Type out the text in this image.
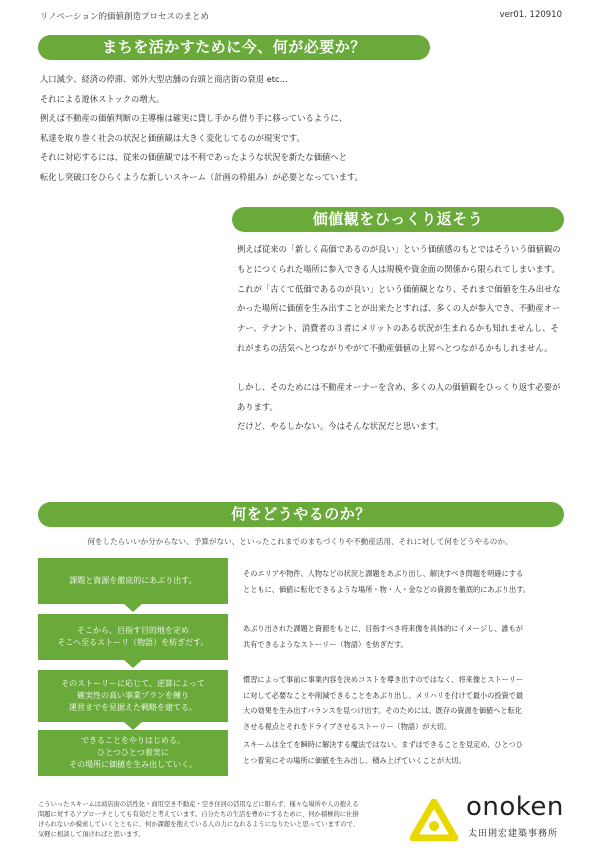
リノベーション的価値創造プロセスのまとめ	ver01. 120910
まちを活かすために今、何が必要か？

人口減少、経済の停滞、郊外大型店舗の台頭と商店街の衰退 etc...

それによる遊休ストックの増大。

例えば不動産の価値判断の主導権は確実に貸し手から借り手に移っているように、

私達を取り巻く社会の状況と価値観は大きく変化してるのが現実です。

それに対応するには、従来の価値観では不利であったような状況を新たな価値へと

転化し突破口をひらくような新しいスキーム（計画の枠組み）が必要となっています。

価値観をひっくり返そう

例えば従来の「新しく高価であるのが良い」という価値感のもとではそういう価値観のもとにつくられた場所に参入できる人は規模や資金面の関係から限られてしまいます。

これが「古くて低価であるのが良い」という価値観となり、それまで価値を生み出せなかった場所に価値を生み出すことが出来たとすれば、多くの人が参入でき、不動産オーナー、テナント、消費者の３者にメリットのある状況が生まれるかも知れませんし、それがまちの活気へとつながりやがて不動産価値の上昇へとつながるかもしれません。

しかし、そのためには不動産オーナーを含め、多くの人の価値観をひっくり返す必要があります。

だけど、やるしかない。今はそんな状況だと思います。

何をどうやるのか？
何をしたらいいか分からない、予算がない、といったこれまでのまちづくりや不動産活用、それに対して何をどうやるのか。
課題と資源を徹底的にあぶり出す。
そこから、目指す目的地を定め
そこへ至るストーリ（物語）を紡ぎだす。
そのストーリーに応じて、逆算によって
確実性の高い事業プランを練り
運営までを見据えた戦略を建てる。
できることをやりはじめる。
ひとつひとつ着実に
その場所に価値を生み出していく。
そのエリアや物件、人物などの状況と課題をあぶり出し、解決すべき問題を明確にする
とともに、価値に転化できるような場所・物・人・金などの資源を徹底的にあぶり出す。
あぶり出された課題と資源をもとに、目指すべき将来像を具体的にイメージし、誰もが
共有できるようなストーリー（物語）を紡ぎだす。
慣習によって事前に事業内容を決めコストを導き出すのではなく、将来像とストーリー
に対して必要なことや削減できることをあぶり出し、メリハリを付けて最小の投資で最
大の効果を生み出すバランスを見つけ出す。そのためには、既存の資源を価値へと転化
させる視点とそれをドライブさせるストーリー（物語）が大切。
スキームは全てを瞬時に解決する魔法ではない。まずはできることを見定め、ひとつひ
とつ着実にその場所に価値を生み出し、積み上げていくことが大切。
こういったスキームは商店街の活性化・商用空き不動産・空き住居の活用などに限らず、様々な場所や人の抱える
問題に対するアプローチとしても有効だと考えています。自分たちの生活を豊かにするために、何か積極的に仕掛
けられないか模索していくとともに、何か課題を抱えている人の力になれるようになりたいと思っていますので、
気軽に相談して頂ければと思います。
onoken
太田則宏建築事務所
